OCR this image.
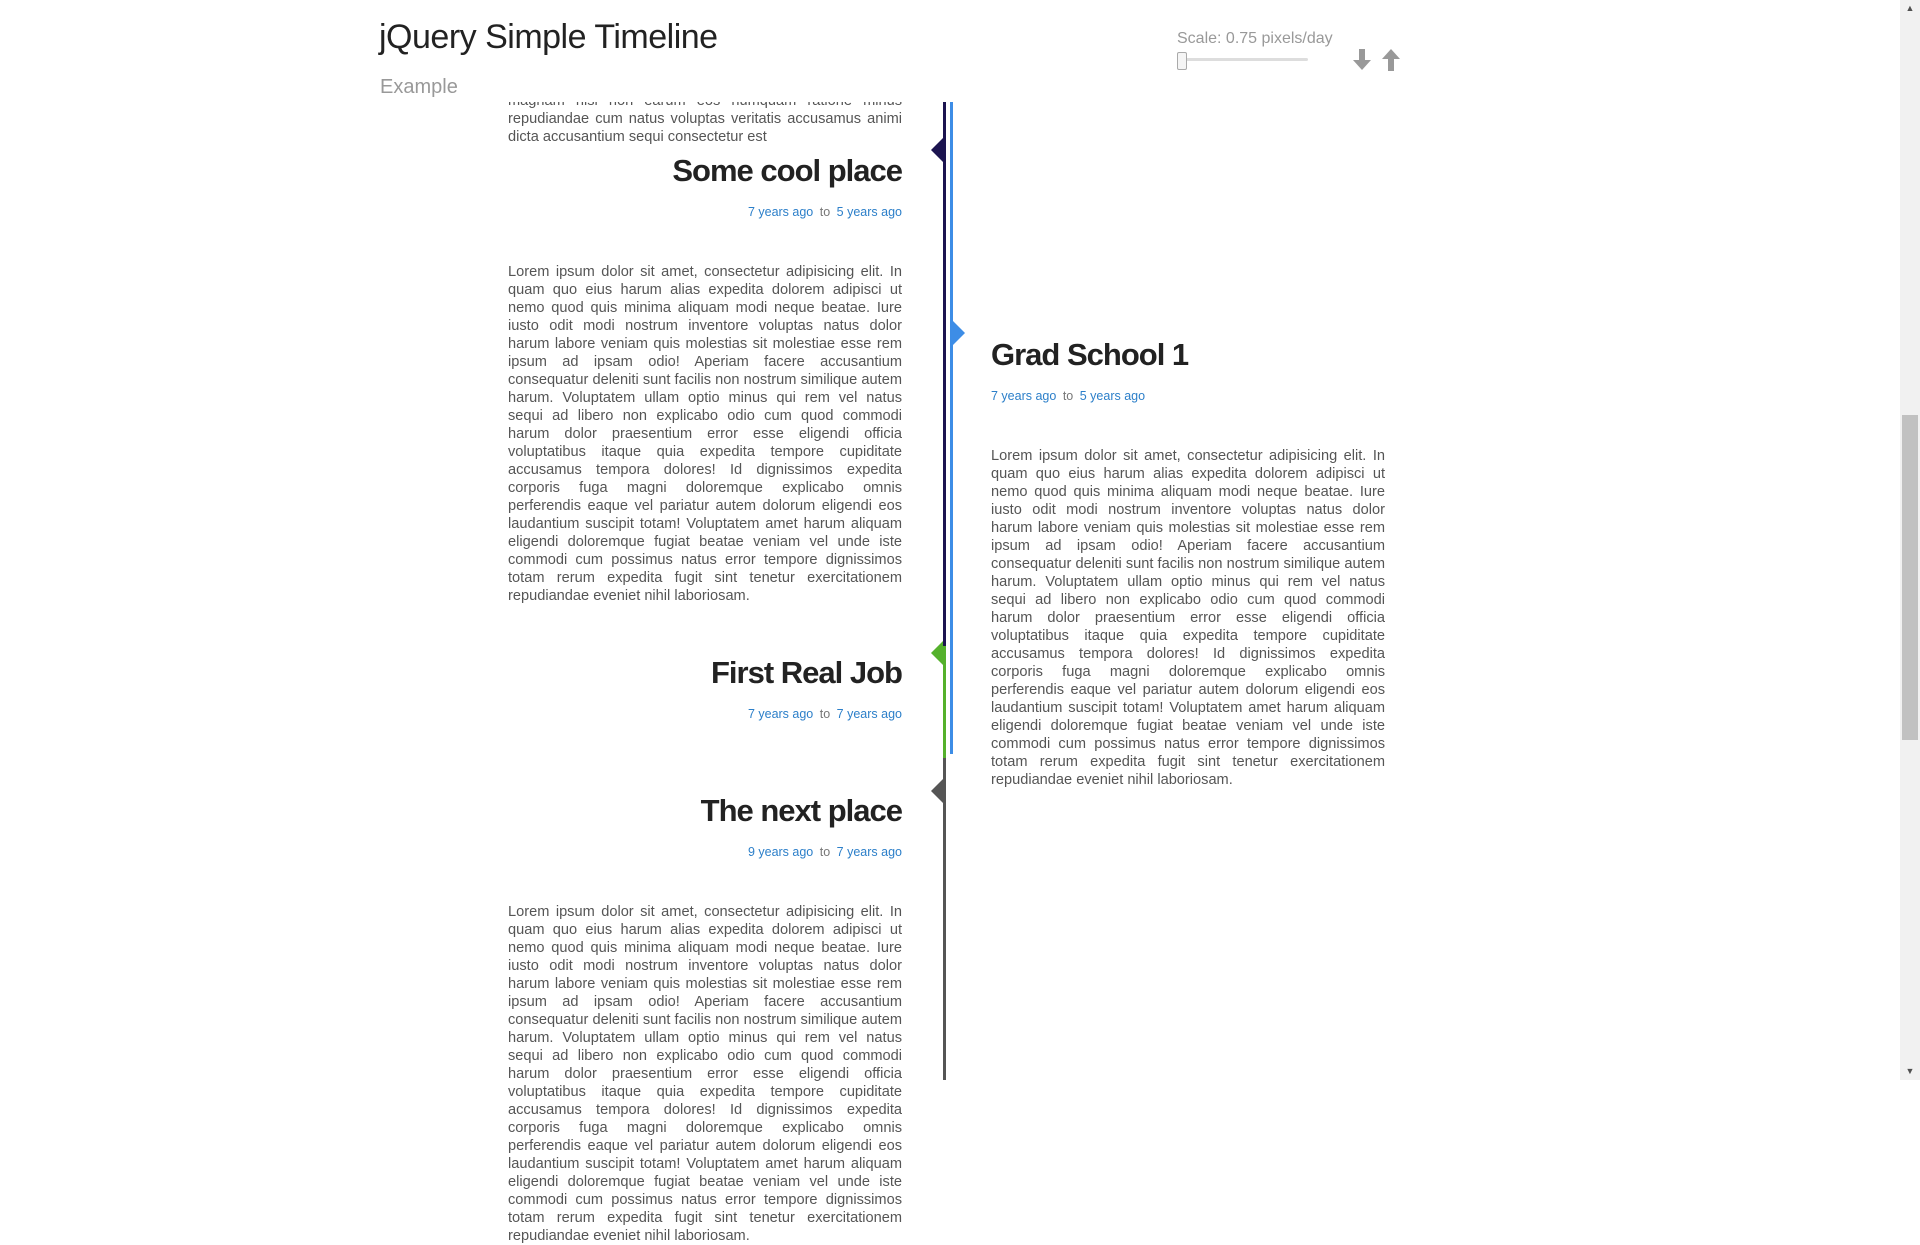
repudiandae cum natus voluptas veritatis accusamus animi dicta accusantium sequi consectetur est
Some cool place
7 years ago to 5 years ago
Lorem ipsum dolor sit amet, consectetur adipisicing elit. In quam quo eius harum alias expedita dolorem adipisci ut nemo quod quis minima aliquam modi neque beatae. Iure iusto odit modi nostrum inventore voluptas natus dolor harum labore veniam quis molestias sit molestiae esse rem ipsum ad ipsam odio! Aperiam facere accusantium consequatur deleniti sunt facilis non nostrum similique autem harum. Voluptatem ullam optio minus qui rem vel natus sequi ad libero non explicabo odio cum quod commodi harum dolor praesentium error esse eligendi officia voluptatibus itaque quia expedita tempore cupiditate accusamus tempora dolores! Id dignissimos expedita corporis fuga magni doloremque explicabo omnis perferendis eaque vel pariatur autem dolorum eligendi eos laudantium suscipit totam! Voluptatem amet harum aliquam eligendi doloremque fugiat beatae veniam vel unde iste commodi cum possimus natus error tempore dignissimos totam rerum expedita fugit sint tenetur exercitationem repudiandae eveniet nihil laboriosam.
Grad School 1
7 years ago to 5 years ago
Lorem ipsum dolor sit amet, consectetur adipisicing elit. In quam quo eius harum alias expedita dolorem adipisci ut nemo quod quis minima aliquam modi neque beatae. Iure iusto odit modi nostrum inventore voluptas natus dolor harum labore veniam quis molestias sit molestiae esse rem ipsum ad ipsam odio! Aperiam facere accusantium consequatur deleniti sunt facilis non nostrum similique autem harum. Voluptatem ullam optio minus qui rem vel natus sequi ad libero non explicabo odio cum quod commodi harum dolor praesentium error esse eligendi officia voluptatibus itaque quia expedita tempore cupiditate accusamus tempora dolores! Id dignissimos expedita corporis fuga magni doloremque explicabo omnis perferendis eaque vel pariatur autem dolorum eligendi eos laudantium suscipit totam! Voluptatem amet harum aliquam eligendi doloremque fugiat beatae veniam vel unde iste commodi cum possimus natus error tempore dignissimos totam rerum expedita fugit sint tenetur exercitationem repudiandae eveniet nihil laboriosam.
First Real Job
7 years ago to 7 years ago
The next place
9 years ago to 7 years ago
Lorem ipsum dolor sit amet, consectetur adipisicing elit. In quam quo eius harum alias expedita dolorem adipisci ut nemo quod quis minima aliquam modi neque beatae. Iure iusto odit modi nostrum inventore voluptas natus dolor harum labore veniam quis molestias sit molestiae esse rem ipsum ad ipsam odio! Aperiam facere accusantium consequatur deleniti sunt facilis non nostrum similique autem harum. Voluptatem ullam optio minus qui rem vel natus sequi ad libero non explicabo odio cum quod commodi harum dolor praesentium error esse eligendi officia voluptatibus itaque quia expedita tempore cupiditate accusamus tempora dolores! Id dignissimos expedita corporis fuga magni doloremque explicabo omnis perferendis eaque vel pariatur autem dolorum eligendi eos laudantium suscipit totam! Voluptatem amet harum aliquam eligendi doloremque fugiat beatae veniam vel unde iste commodi cum possimus natus error tempore dignissimos totam rerum expedita fugit sint tenetur exercitationem repudiandae eveniet nihil laboriosam.
jQuery Simple Timeline
Example
Scale: 0.75 pixels/day
▲
▼
